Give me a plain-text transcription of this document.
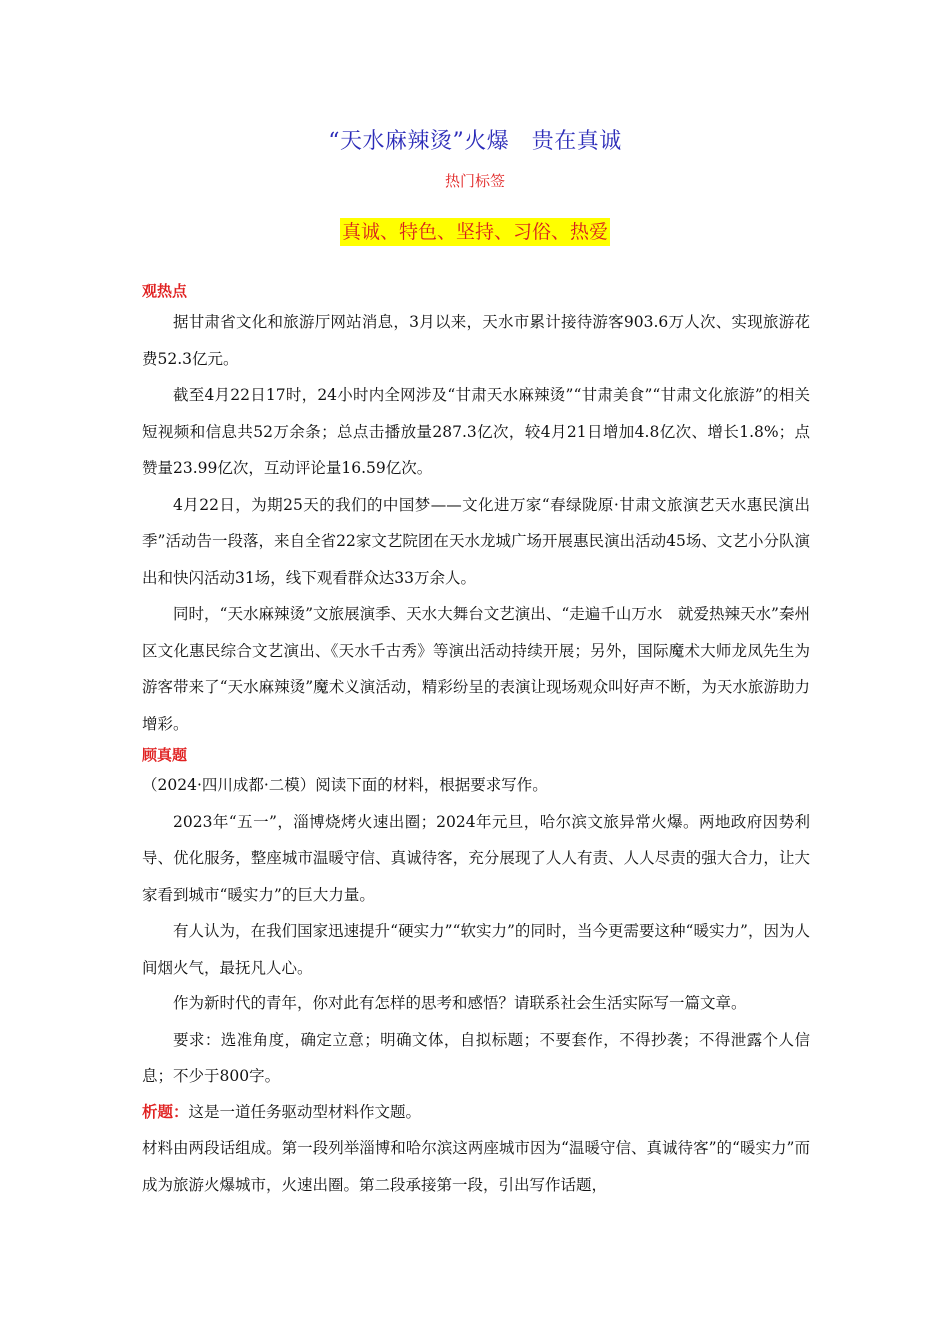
“天水麻辣烫”火爆　贵在真诚
热门标签
真诚、特色、坚持、习俗、热爱
观热点

据甘肃省文化和旅游厅网站消息，3月以来，天水市累计接待游客903.6万人次、实现旅游花费52.3亿元。

截至4月22日17时，24小时内全网涉及“甘肃天水麻辣烫”“甘肃美食”“甘肃文化旅游”的相关短视频和信息共52万余条；总点击播放量287.3亿次，较4月21日增加4.8亿次、增长1.8%；点赞量23.99亿次，互动评论量16.59亿次。

4月22日，为期25天的我们的中国梦——文化进万家“春绿陇原·甘肃文旅演艺天水惠民演出季”活动告一段落，来自全省22家文艺院团在天水龙城广场开展惠民演出活动45场、文艺小分队演出和快闪活动31场，线下观看群众达33万余人。

同时，“天水麻辣烫”文旅展演季、天水大舞台文艺演出、“走遍千山万水　就爱热辣天水”秦州区文化惠民综合文艺演出、《天水千古秀》等演出活动持续开展；另外，国际魔术大师龙凤先生为游客带来了“天水麻辣烫”魔术义演活动，精彩纷呈的表演让现场观众叫好声不断，为天水旅游助力增彩。

顾真题

（2024·四川成都·二模）阅读下面的材料，根据要求写作。

2023年“五一”，淄博烧烤火速出圈；2024年元旦，哈尔滨文旅异常火爆。两地政府因势利导、优化服务，整座城市温暖守信、真诚待客，充分展现了人人有责、人人尽责的强大合力，让大家看到城市“暖实力”的巨大力量。

有人认为，在我们国家迅速提升“硬实力”“软实力”的同时，当今更需要这种“暖实力”，因为人间烟火气，最抚凡人心。

作为新时代的青年，你对此有怎样的思考和感悟？请联系社会生活实际写一篇文章。

要求：选准角度，确定立意；明确文体，自拟标题；不要套作，不得抄袭；不得泄露个人信息；不少于800字。

析题：这是一道任务驱动型材料作文题。

材料由两段话组成。第一段列举淄博和哈尔滨这两座城市因为“温暖守信、真诚待客”的“暖实力”而成为旅游火爆城市，火速出圈。第二段承接第一段，引出写作话题，
